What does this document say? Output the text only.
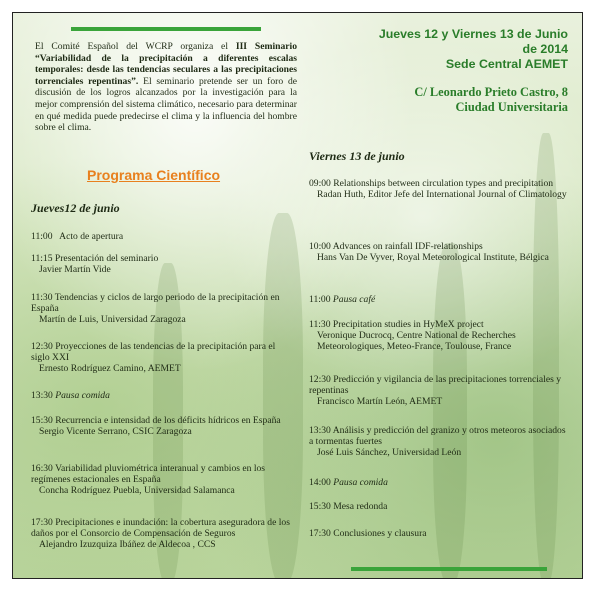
El Comité Español del WCRP organiza el III Seminario “Variabilidad de la precipitación a diferentes escalas temporales: desde las tendencias seculares a las precipitaciones torrenciales repentinas”. El seminario pretende ser un foro de discusión de los logros alcanzados por la investigación para la mejor comprensión del sistema climático, necesario para determinar en qué medida puede predecirse el clima y la influencia del hombre sobre el clima.
Programa Científico
Jueves 12 y Viernes 13 de Junio
de 2014
Sede Central AEMET
C/ Leonardo Prieto Castro, 8
Ciudad Universitaria
Jueves12 de junio
11:00 Acto de apertura
11:15 Presentación del seminario
Javier Martín Vide
11:30 Tendencias y ciclos de largo periodo de la precipitación en España
Martín de Luis, Universidad Zaragoza
12:30 Proyecciones de las tendencias de la precipitación para el siglo XXI
Ernesto Rodríguez Camino, AEMET
13:30 Pausa comida
15:30 Recurrencia e intensidad de los déficits hídricos en España
Sergio Vicente Serrano, CSIC Zaragoza
16:30 Variabilidad pluviométrica interanual y cambios en los regímenes estacionales en España
Concha Rodríguez Puebla, Universidad Salamanca
17:30 Precipitaciones e inundación: la cobertura aseguradora de los daños por el Consorcio de Compensación de Seguros
Alejandro Izuzquiza Ibáñez de Aldecoa , CCS
Viernes 13 de junio
09:00 Relationships between circulation types and precipitation
Radan Huth, Editor Jefe del International Journal of Climatology
10:00 Advances on rainfall IDF-relationships
Hans Van De Vyver, Royal Meteorological Institute, Bélgica
11:00 Pausa café
11:30 Precipitation studies in HyMeX project
Veronique Ducrocq, Centre National de Recherches Meteorologiques, Meteo-France, Toulouse, France
12:30 Predicción y vigilancia de las precipitaciones torrenciales y repentinas
Francisco Martín León, AEMET
13:30 Análisis y predicción del granizo y otros meteoros asociados a tormentas fuertes
José Luis Sánchez, Universidad León
14:00 Pausa comida
15:30 Mesa redonda
17:30 Conclusiones y clausura
